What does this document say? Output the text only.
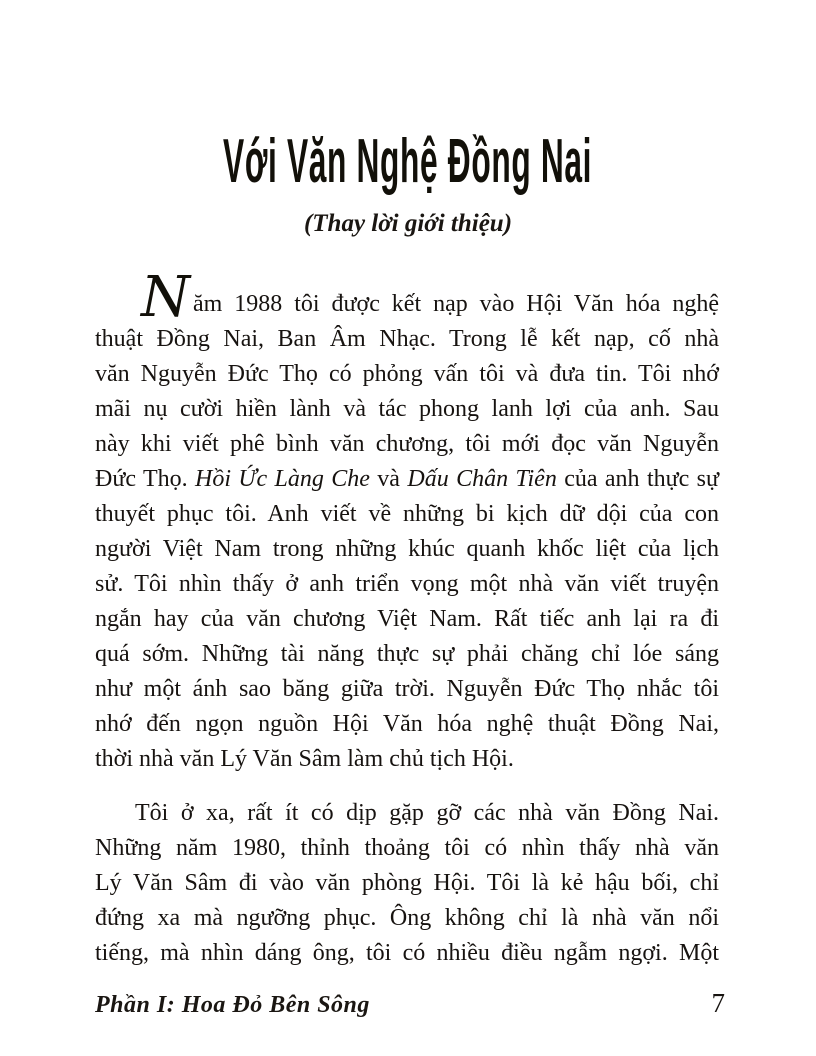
Với Văn Nghệ Đồng Nai
(Thay lời giới thiệu)
Năm 1988 tôi được kết nạp vào Hội Văn hóa nghệ
thuật Đồng Nai, Ban Âm Nhạc. Trong lễ kết nạp, cố nhà
văn Nguyễn Đức Thọ có phỏng vấn tôi và đưa tin. Tôi nhớ
mãi nụ cười hiền lành và tác phong lanh lợi của anh. Sau
này khi viết phê bình văn chương, tôi mới đọc văn Nguyễn
Đức Thọ. Hồi Ức Làng Che và Dấu Chân Tiên của anh thực sự
thuyết phục tôi. Anh viết về những bi kịch dữ dội của con
người Việt Nam trong những khúc quanh khốc liệt của lịch
sử. Tôi nhìn thấy ở anh triển vọng một nhà văn viết truyện
ngắn hay của văn chương Việt Nam. Rất tiếc anh lại ra đi
quá sớm. Những tài năng thực sự phải chăng chỉ lóe sáng
như một ánh sao băng giữa trời. Nguyễn Đức Thọ nhắc tôi
nhớ đến ngọn nguồn Hội Văn hóa nghệ thuật Đồng Nai,
thời nhà văn Lý Văn Sâm làm chủ tịch Hội.
Tôi ở xa, rất ít có dịp gặp gỡ các nhà văn Đồng Nai.
Những năm 1980, thỉnh thoảng tôi có nhìn thấy nhà văn
Lý Văn Sâm đi vào văn phòng Hội. Tôi là kẻ hậu bối, chỉ
đứng xa mà ngưỡng phục. Ông không chỉ là nhà văn nổi
tiếng, mà nhìn dáng ông, tôi có nhiều điều ngẫm ngợi. Một
Phần I: Hoa Đỏ Bên Sông	7
